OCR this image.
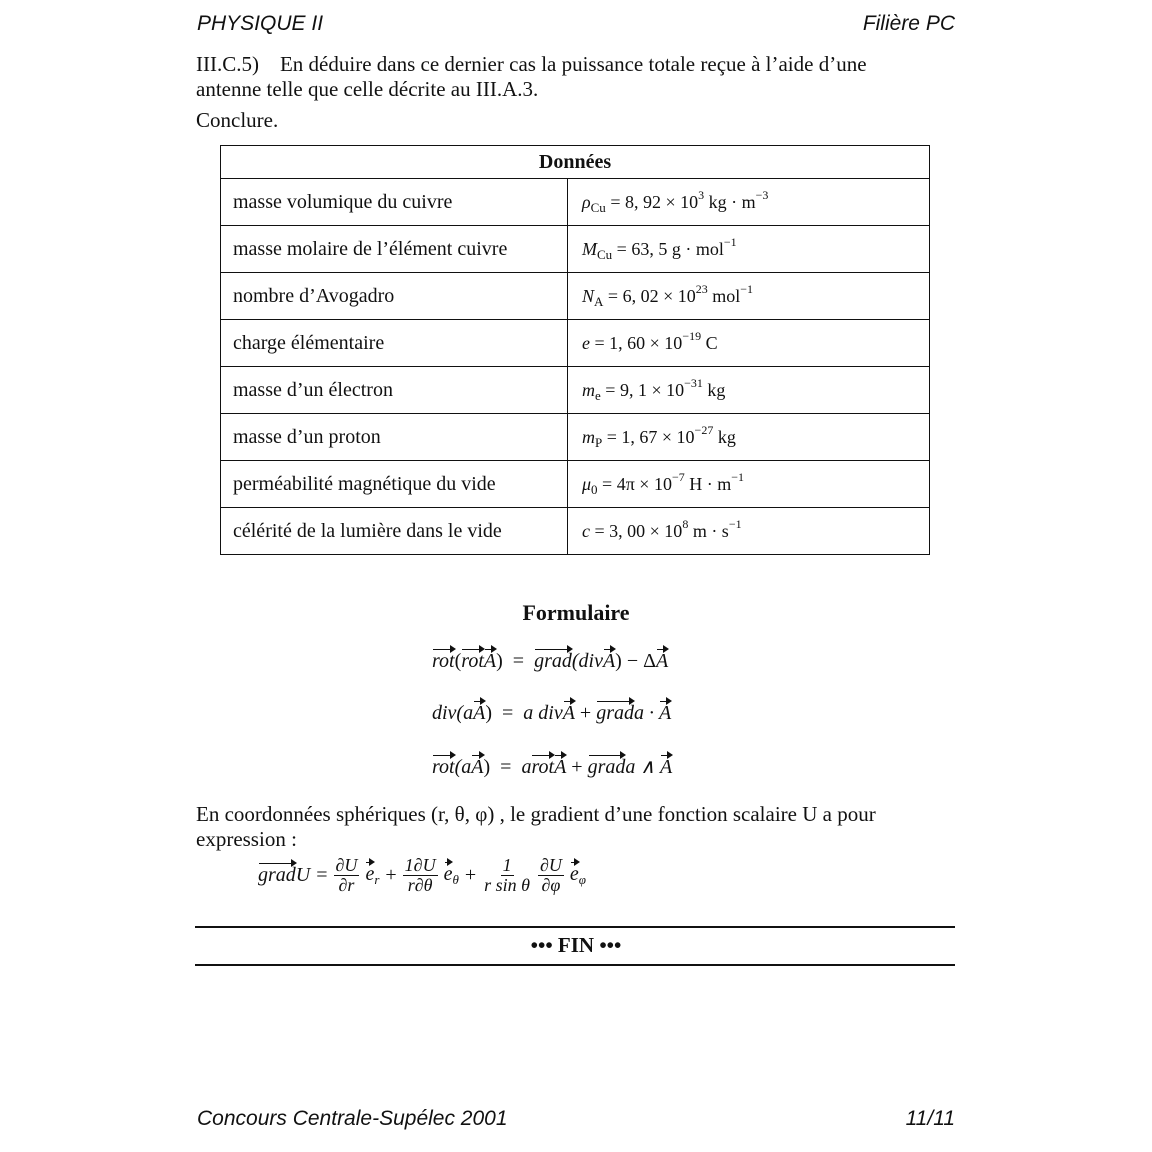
PHYSIQUE II	Filière PC

III.C.5)    En déduire dans ce dernier cas la puissance totale reçue à l’aide d’une

antenne telle que celle décrite au III.A.3.

Conclure.

Données	
masse volumique du cuivre	$\rho_{Cu} = 8$, $92 \times 10^3$ kg · $m^{-3}$
masse molaire de l’élément cuivre	$M_{Cu} = 63$, 5 g · mol$^{-1}$
nombre d’Avogadro	$N_A = 6$, $02 \times 10^{23}$ mol$^{-1}$
charge élémentaire	e = 1, $60 \times 10^{-19}$ C
masse d’un électron	$m_e = 9$, $1 \times 10^{-31}$ kg
masse d’un proton	$m_P = 1$, $67 \times 10^{-27}$ kg
perméabilité magnétique du vide	$\mu_0 = 4\pi \times 10^{-7}$ $H \cdot m^{-1}$
célérité de la lumière dans le vide	c = 3, $00 \times 10^8$ $m \cdot s^{-1}$
Formulaire
rot(rotA) = grad(divA) − ΔA
div(aA) = a divA + grada · A
rot(aA) = arotA + grada ∧ A

En coordonnées sphériques (r, θ, φ) , le gradient d’une fonction scalaire U a pour

expression :

gradU = $\frac{\partial U}{\partial r} e_r + \frac{1\partial U}{r\partial\theta} e_\theta + \frac{1}{\text{r sin θ}} \frac{\partial U}{\partial\varphi} e_\varphi$
••• FIN •••
Concours Centrale-Supélec 2001	11/11
